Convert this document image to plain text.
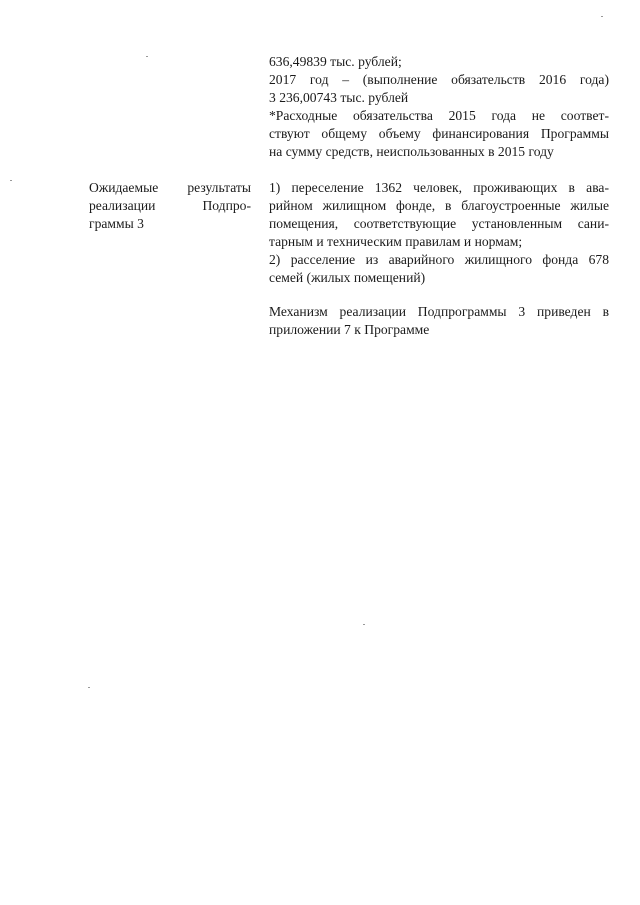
636,49839 тыс. рублей;

2017 год – (выполнение обязательств 2016 года)

3 236,00743 тыс. рублей

*Расходные обязательства 2015 года не соответ-

ствуют общему объему финансирования Программы

на сумму средств, неиспользованных в 2015 году

Ожидаемые результаты

реализации Подпро-

граммы 3

1) переселение 1362 человек, проживающих в ава-

рийном жилищном фонде, в благоустроенные жилые

помещения, соответствующие установленным сани-

тарным и техническим правилам и нормам;

2) расселение из аварийного жилищного фонда 678

семей (жилых помещений)

Механизм реализации Подпрограммы 3 приведен в

приложении 7 к Программе
